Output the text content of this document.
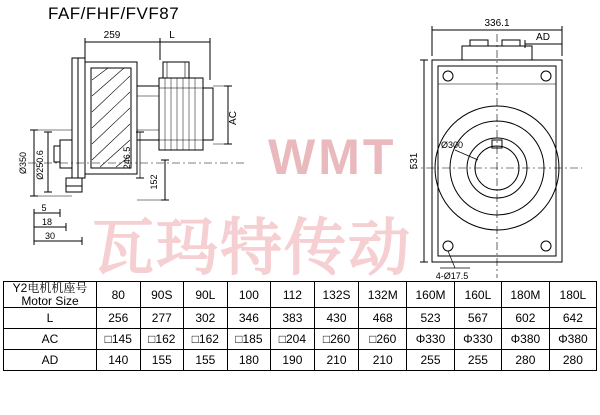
FAF/FHF/FVF87
WMT
瓦玛特传动
259	L
AC
246.5
152
Ø350 Ø250.6
5
18
30
336.1
AD
531
Ø300
4-Ø17.5
Y2电机机座号
Motor Size	80	90S	90L	100	112	132S	132M	160M	160L	180M	180L
L	256	277	302	346	383	430	468	523	567	602	642
AC	□145	□162	□162	□185	□204	□260	□260	Φ330	Φ330	Φ380	Φ380
AD	140	155	155	180	190	210	210	255	255	280	280
